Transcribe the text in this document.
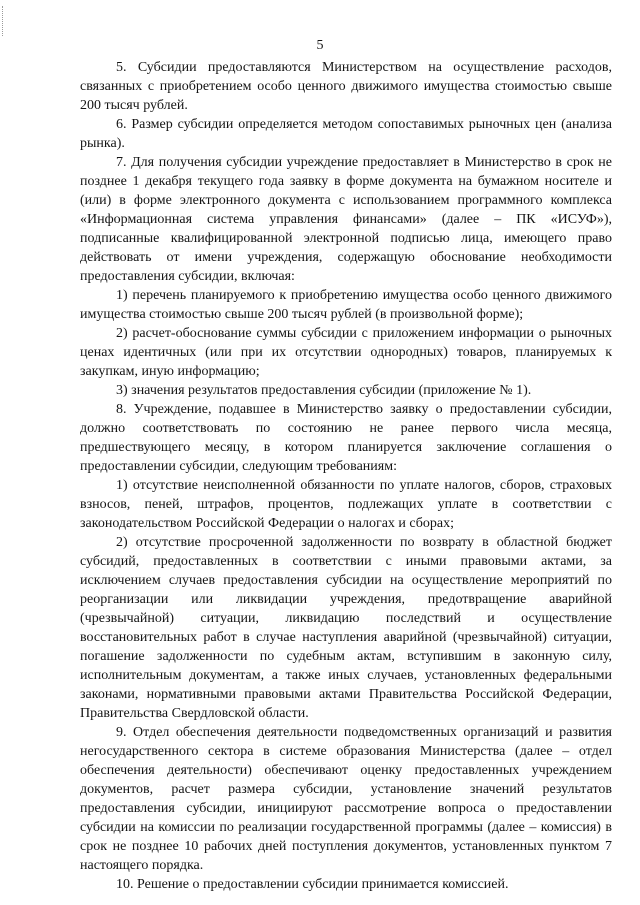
5

5. Субсидии предоставляются Министерством на осуществление расходов, связанных с приобретением особо ценного движимого имущества стоимостью свыше 200 тысяч рублей.

6. Размер субсидии определяется методом сопоставимых рыночных цен (анализа рынка).

7. Для получения субсидии учреждение предоставляет в Министерство в срок не позднее 1 декабря текущего года заявку в форме документа на бумажном носителе и (или) в форме электронного документа с использованием программного комплекса «Информационная система управления финансами» (далее – ПК «ИСУФ»), подписанные квалифицированной электронной подписью лица, имеющего право действовать от имени учреждения, содержащую обоснование необходимости предоставления субсидии, включая:

1) перечень планируемого к приобретению имущества особо ценного движимого имущества стоимостью свыше 200 тысяч рублей (в произвольной форме);

2) расчет-обоснование суммы субсидии с приложением информации о рыночных ценах идентичных (или при их отсутствии однородных) товаров, планируемых к закупкам, иную информацию;

3) значения результатов предоставления субсидии (приложение № 1).

8. Учреждение, подавшее в Министерство заявку о предоставлении субсидии, должно соответствовать по состоянию не ранее первого числа месяца, предшествующего месяцу, в котором планируется заключение соглашения о предоставлении субсидии, следующим требованиям:

1) отсутствие неисполненной обязанности по уплате налогов, сборов, страховых взносов, пеней, штрафов, процентов, подлежащих уплате в соответствии с законодательством Российской Федерации о налогах и сборах;

2) отсутствие просроченной задолженности по возврату в областной бюджет субсидий, предоставленных в соответствии с иными правовыми актами, за исключением случаев предоставления субсидии на осуществление мероприятий по реорганизации или ликвидации учреждения, предотвращение аварийной (чрезвычайной) ситуации, ликвидацию последствий и осуществление восстановительных работ в случае наступления аварийной (чрезвычайной) ситуации, погашение задолженности по судебным актам, вступившим в законную силу, исполнительным документам, а также иных случаев, установленных федеральными законами, нормативными правовыми актами Правительства Российской Федерации, Правительства Свердловской области.

9. Отдел обеспечения деятельности подведомственных организаций и развития негосударственного сектора в системе образования Министерства (далее – отдел обеспечения деятельности) обеспечивают оценку предоставленных учреждением документов, расчет размера субсидии, установление значений результатов предоставления субсидии, инициируют рассмотрение вопроса о предоставлении субсидии на комиссии по реализации государственной программы (далее – комиссия) в срок не позднее 10 рабочих дней поступления документов, установленных пунктом 7 настоящего порядка.

10. Решение о предоставлении субсидии принимается комиссией.
